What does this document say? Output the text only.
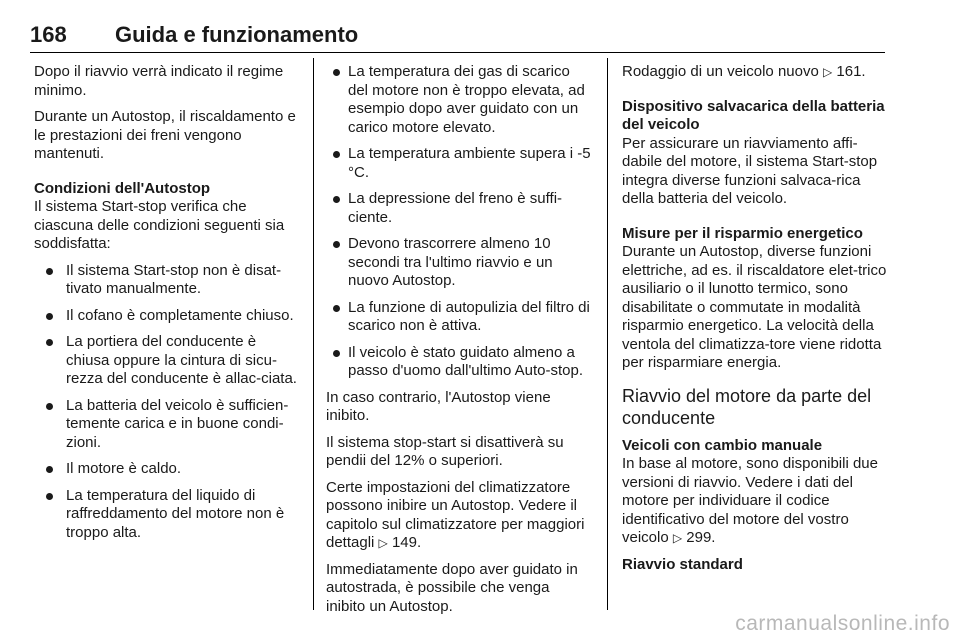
168 Guida e funzionamento

Dopo il riavvio verrà indicato il regime minimo.

Durante un Autostop, il riscaldamento e le prestazioni dei freni vengono mantenuti.

Condizioni dell'Autostop

Il sistema Start-stop verifica che ciascuna delle condizioni seguenti sia soddisfatta:

Il sistema Start-stop non è disat-tivato manualmente.
Il cofano è completamente chiuso.
La portiera del conducente è chiusa oppure la cintura di sicu-rezza del conducente è allac-ciata.
La batteria del veicolo è sufficien-temente carica e in buone condi-zioni.
Il motore è caldo.
La temperatura del liquido di raffreddamento del motore non è troppo alta.
La temperatura dei gas di scarico del motore non è troppo elevata, ad esempio dopo aver guidato con un carico motore elevato.
La temperatura ambiente supera i -5 °C.
La depressione del freno è suffi-ciente.
Devono trascorrere almeno 10 secondi tra l'ultimo riavvio e un nuovo Autostop.
La funzione di autopulizia del filtro di scarico non è attiva.
Il veicolo è stato guidato almeno a passo d'uomo dall'ultimo Auto-stop.

In caso contrario, l'Autostop viene inibito.

Il sistema stop-start si disattiverà su pendii del 12% o superiori.

Certe impostazioni del climatizzatore possono inibire un Autostop. Vedere il capitolo sul climatizzatore per maggiori dettagli ▷ 149.

Immediatamente dopo aver guidato in autostrada, è possibile che venga inibito un Autostop.

Rodaggio di un veicolo nuovo ▷ 161.

Dispositivo salvacarica della batteria del veicolo

Per assicurare un riavviamento affi-dabile del motore, il sistema Start-stop integra diverse funzioni salvaca-rica della batteria del veicolo.

Misure per il risparmio energetico

Durante un Autostop, diverse funzioni elettriche, ad es. il riscaldatore elet-trico ausiliario o il lunotto termico, sono disabilitate o commutate in modalità risparmio energetico. La velocità della ventola del climatizza-tore viene ridotta per risparmiare energia.

Riavvio del motore da parte del conducente
Veicoli con cambio manuale

In base al motore, sono disponibili due versioni di riavvio. Vedere i dati del motore per individuare il codice identificativo del motore del vostro veicolo ▷ 299.

Riavvio standard
carmanualsonline.info
